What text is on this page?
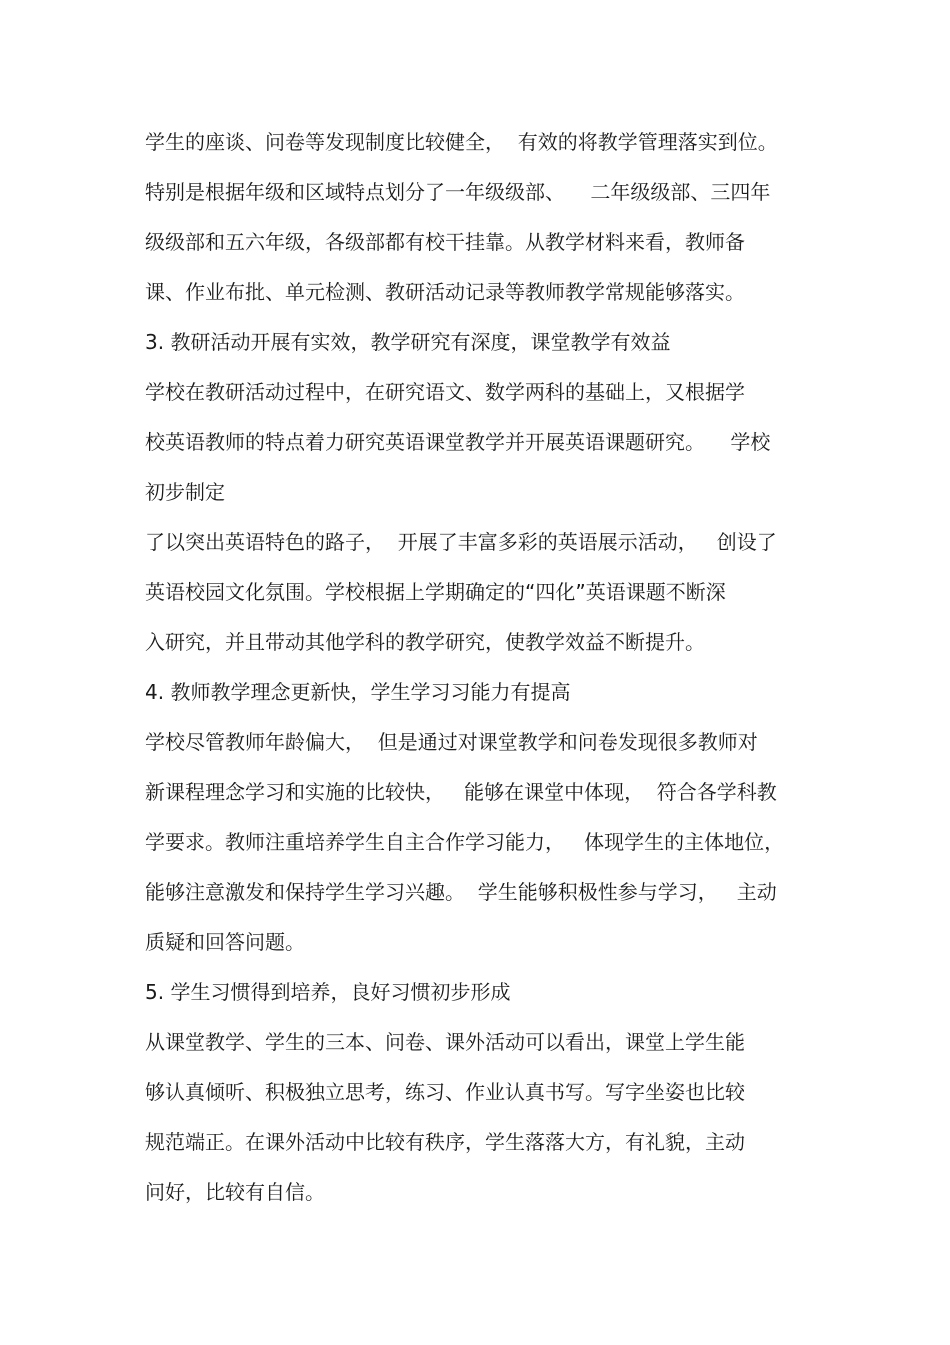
学生的座谈、问卷等发现制度比较健全，  有效的将教学管理落实到位。
特别是根据年级和区域特点划分了一年级级部、    二年级级部、三四年
级级部和五六年级，各级部都有校干挂靠。从教学材料来看，教师备
课、作业布批、单元检测、教研活动记录等教师教学常规能够落实。
3. 教研活动开展有实效，教学研究有深度，课堂教学有效益
学校在教研活动过程中，在研究语文、数学两科的基础上，又根据学
校英语教师的特点着力研究英语课堂教学并开展英语课题研究。    学校
初步制定
了以突出英语特色的路子，  开展了丰富多彩的英语展示活动，   创设了
英语校园文化氛围。学校根据上学期确定的“四化”英语课题不断深
入研究，并且带动其他学科的教学研究，使教学效益不断提升。
4. 教师教学理念更新快，学生学习习能力有提高
学校尽管教师年龄偏大，  但是通过对课堂教学和问卷发现很多教师对
新课程理念学习和实施的比较快，   能够在课堂中体现，  符合各学科教
学要求。教师注重培养学生自主合作学习能力，   体现学生的主体地位，
能够注意激发和保持学生学习兴趣。  学生能够积极性参与学习，   主动
质疑和回答问题。
5. 学生习惯得到培养，良好习惯初步形成
从课堂教学、学生的三本、问卷、课外活动可以看出，课堂上学生能
够认真倾听、积极独立思考，练习、作业认真书写。写字坐姿也比较
规范端正。在课外活动中比较有秩序，学生落落大方，有礼貌，主动
问好，比较有自信。
